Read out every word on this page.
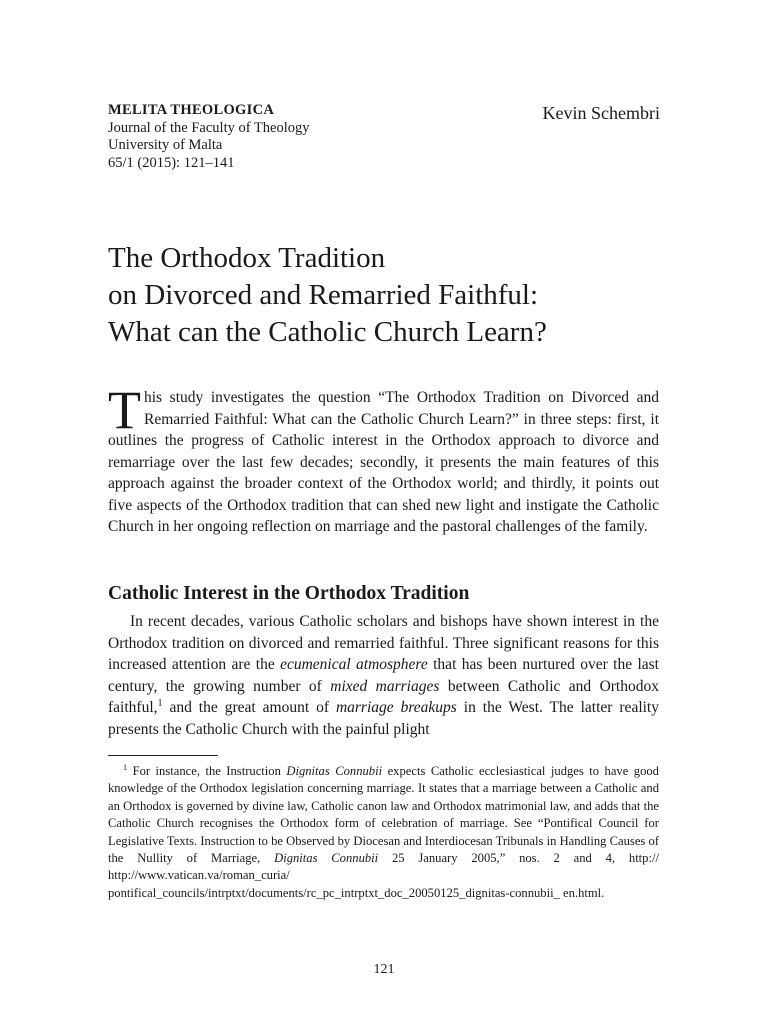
MELITA THEOLOGICA
Journal of the Faculty of Theology
University of Malta
65/1 (2015): 121–141
Kevin Schembri
The Orthodox Tradition
on Divorced and Remarried Faithful:
What can the Catholic Church Learn?

This study investigates the question “The Orthodox Tradition on Divorced and Remarried Faithful: What can the Catholic Church Learn?” in three steps: first, it outlines the progress of Catholic interest in the Orthodox approach to divorce and remarriage over the last few decades; secondly, it presents the main features of this approach against the broader context of the Orthodox world; and thirdly, it points out five aspects of the Orthodox tradition that can shed new light and instigate the Catholic Church in her ongoing reflection on marriage and the pastoral challenges of the family.

Catholic Interest in the Orthodox Tradition

In recent decades, various Catholic scholars and bishops have shown interest in the Orthodox tradition on divorced and remarried faithful. Three significant reasons for this increased attention are the ecumenical atmosphere that has been nurtured over the last century, the growing number of mixed marriages between Catholic and Orthodox faithful,$^1$ and the great amount of marriage breakups in the West. The latter reality presents the Catholic Church with the painful plight

$^1$ For instance, the Instruction Dignitas Connubii expects Catholic ecclesiastical judges to have good knowledge of the Orthodox legislation concerning marriage. It states that a marriage between a Catholic and an Orthodox is governed by divine law, Catholic canon law and Orthodox matrimonial law, and adds that the Catholic Church recognises the Orthodox form of celebration of marriage. See “Pontifical Council for Legislative Texts. Instruction to be Observed by Diocesan and Interdiocesan Tribunals in Handling Causes of the Nullity of Marriage, Dignitas Connubii 25 January 2005,” nos. 2 and 4, http:// http://www.vatican.va/roman_curia/ pontifical_councils/intrptxt/documents/rc_pc_intrptxt_doc_20050125_dignitas-connubii_ en.html.

121
